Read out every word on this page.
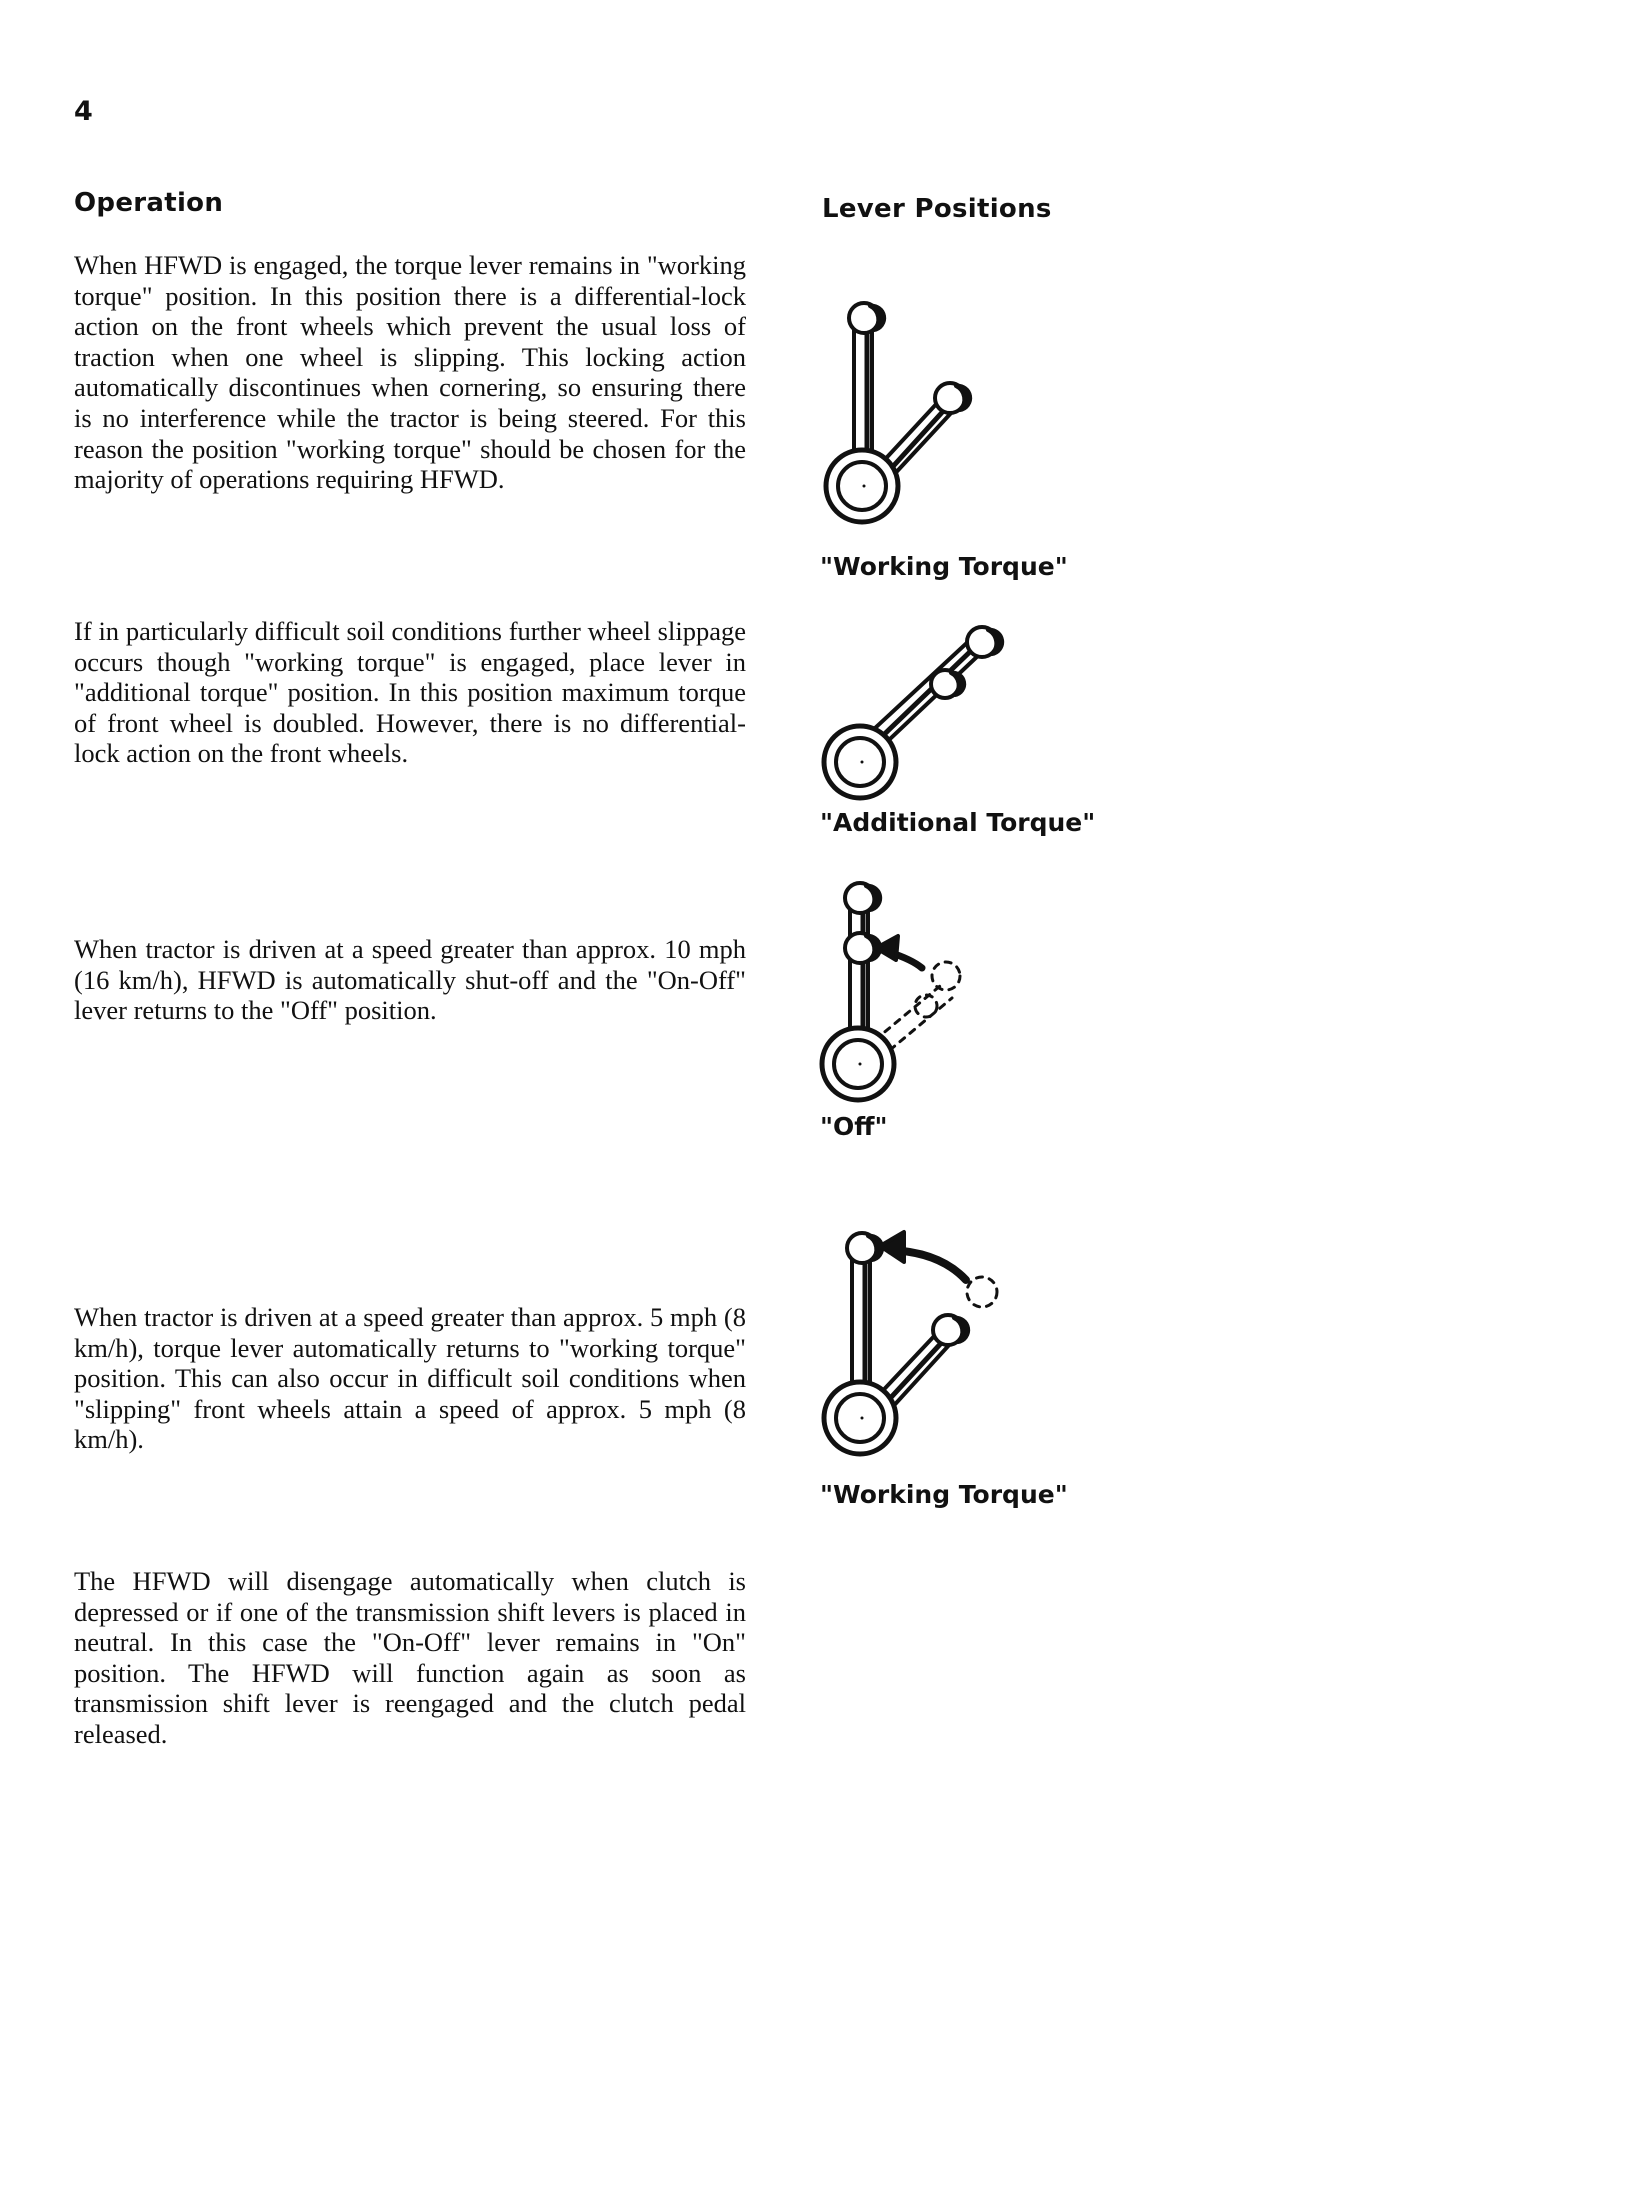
4
Operation

When HFWD is engaged, the torque lever remains in "working torque" position. In this position there is a differential-lock action on the front wheels which prevent the usual loss of traction when one wheel is slipping. This locking action automatically discontinues when cornering, so ensuring there is no interference while the tractor is being steered. For this reason the position "working torque" should be chosen for the majority of operations requiring HFWD.

If in particularly difficult soil conditions further wheel slippage occurs though "working torque" is engaged, place lever in "additional torque" position. In this position maximum torque of front wheel is doubled. However, there is no differential-lock action on the front wheels.

When tractor is driven at a speed greater than approx. 10 mph (16 km/h), HFWD is automatically shut-off and the "On-Off" lever returns to the "Off" position.

When tractor is driven at a speed greater than approx. 5 mph (8 km/h), torque lever automatically returns to "working torque" position. This can also occur in difficult soil conditions when "slipping" front wheels attain a speed of approx. 5 mph (8 km/h).

The HFWD will disengage automatically when clutch is depressed or if one of the transmission shift levers is placed in neutral. In this case the "On-Off" lever remains in "On" position. The HFWD will function again as soon as transmission shift lever is reengaged and the clutch pedal released.

Lever Positions
"Working Torque"
"Additional Torque"
"Off"
"Working Torque"
